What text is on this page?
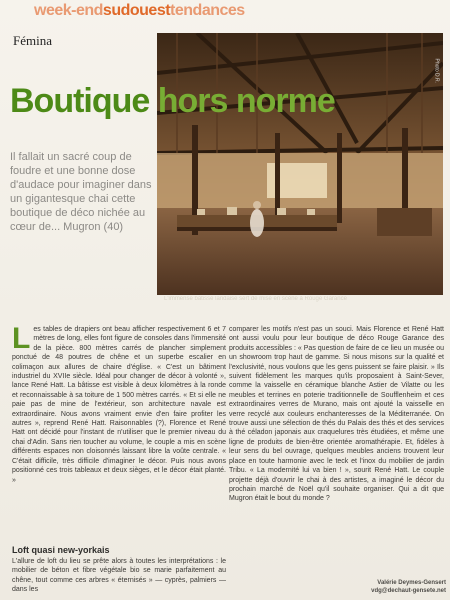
week-endsudouesttendances
Fémina
Photo D.R.
L'immense bâtisse landaise sert de mise en scène à Rouge Garance
Boutique hors norme

Il fallait un sacré coup de foudre et une bonne dose d'audace pour imaginer dans un gigantesque chai cette boutique de déco nichée au cœur de... Mugron (40)

L es tables de drapiers ont beau afficher respectivement 6 et 7 mètres de long, elles font figure de consoles dans l'immensité de la pièce. 800 mètres carrés de plancher simplement ponctué de 48 poutres de chêne et un superbe escalier en colimaçon aux allures de chaire d'église. « C'est un bâtiment industriel du XVIIe siècle. Idéal pour changer de décor à volonté », lance René Hatt. La bâtisse est visible à deux kilomètres à la ronde et reconnaissable à sa toiture de 1 500 mètres carrés. « Et si elle ne paie pas de mine de l'extérieur, son architecture navale est extraordinaire. Nous avons vraiment envie d'en faire profiter les autres », reprend René Hatt. Raisonnables (?), Florence et René Hatt ont décidé pour l'instant de n'utiliser que le premier niveau du chai d'Adin. Sans rien toucher au volume, le couple a mis en scène différents espaces non cloisonnés laissant libre la voûte centrale. « C'était difficile, très difficile d'imaginer le décor. Puis nous avons positionné ces trois tableaux et deux sièges, et le décor était planté. »

Loft quasi new-yorkais

L'allure de loft du lieu se prête alors à toutes les interprétations : le mobilier de béton et fibre végétale bio se marie parfaitement au chêne, tout comme ces arbres « éternisés » — cyprès, palmiers — dans les

comparer les motifs n'est pas un souci. Mais Florence et René Hatt ont aussi voulu pour leur boutique de déco Rouge Garance des produits accessibles : « Pas question de faire de ce lieu un musée ou un showroom trop haut de gamme. Si nous misons sur la qualité et l'exclusivité, nous voulons que les gens puissent se faire plaisir. » Ils suivent fidèlement les marques qu'ils proposaient à Saint-Sever, comme la vaisselle en céramique blanche Astier de Vilatte ou les meubles et terrines en poterie traditionnelle de Soufflenheim et ces extraordinaires verres de Murano, mais ont ajouté la vaisselle en verre recyclé aux couleurs enchanteresses de la Méditerranée. On trouve aussi une sélection de thés du Palais des thés et des services à thé céladon japonais aux craquelures très étudiées, et même une ligne de produits de bien-être orientée aromathérapie. Et, fidèles à leur sens du bel ouvrage, quelques meubles anciens trouvent leur place en toute harmonie avec le teck et l'inox du mobilier de jardin Tribu. « La modernité lui va bien ! », sourit René Hatt. Le couple projette déjà d'ouvrir le chai à des artistes, a imaginé le décor du prochain marché de Noël qu'il souhaite organiser. Qui a dit que Mugron était le bout du monde ?

Valérie Deymes-Gensert
vdg@dechaut-gensete.net
